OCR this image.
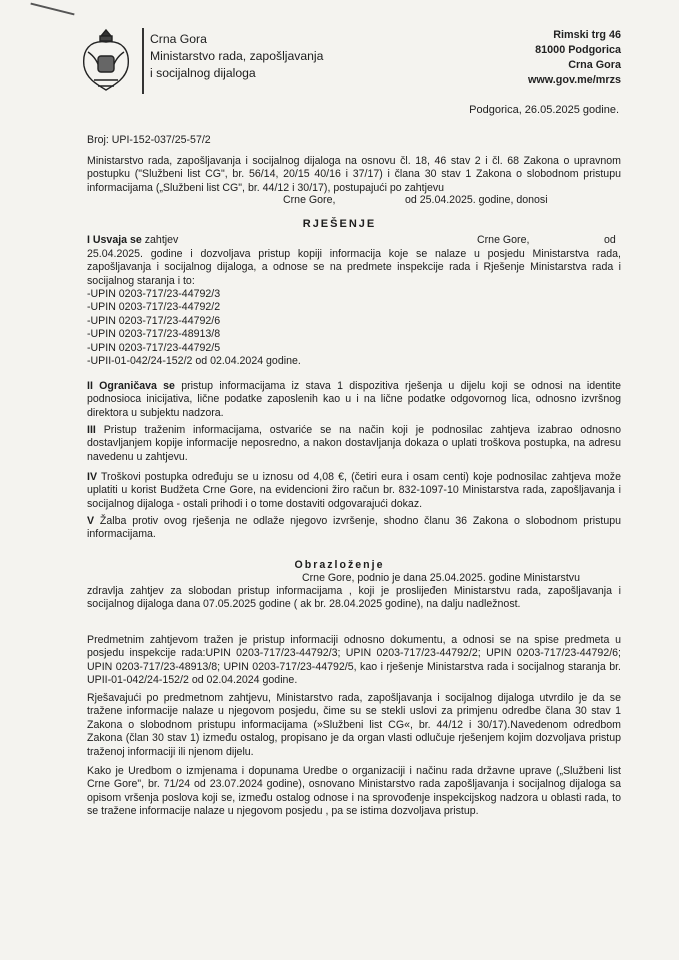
Crna Gora
Ministarstvo rada, zapošljavanja
i socijalnog dijaloga
Rimski trg 46
81000 Podgorica
Crna Gora
www.gov.me/mrzs
Podgorica, 26.05.2025 godine.
Broj: UPI-152-037/25-57/2
Ministarstvo rada, zapošljavanja i socijalnog dijaloga na osnovu čl. 18, 46 stav 2 i čl. 68 Zakona o upravnom postupku ("Službeni list CG", br. 56/14, 20/15 40/16 i 37/17) i člana 30 stav 1 Zakona o slobodnom pristupu informacijama („Službeni list CG", br. 44/12 i 30/17), postupajući po zahtjevu
Crne Gore,	od 25.04.2025. godine, donosi
RJEŠENJE
I Usvaja se zahtjev	Crne Gore,	od
25.04.2025. godine i dozvoljava pristup kopiji informacija koje se nalaze u posjedu Ministarstva rada, zapošljavanja i socijalnog dijaloga, a odnose se na predmete inspekcije rada i Rješenje Ministarstva rada i socijalnog staranja i to:
-UPIN 0203-717/23-44792/3
-UPIN 0203-717/23-44792/2
-UPIN 0203-717/23-44792/6
-UPIN 0203-717/23-48913/8
-UPIN 0203-717/23-44792/5
-UPII-01-042/24-152/2 od 02.04.2024 godine.
II Ograničava se pristup informacijama iz stava 1 dispozitiva rješenja u dijelu koji se odnosi na identite podnosioca inicijativa, lične podatke zaposlenih kao u i na lične podatke odgovornog lica, odnosno izvršnog direktora u subjektu nadzora.
III Pristup traženim informacijama, ostvariće se na način koji je podnosilac zahtjeva izabrao odnosno dostavljanjem kopije informacije neposredno, a nakon dostavljanja dokaza o uplati troškova postupka, na adresu navedenu u zahtjevu.
IV Troškovi postupka određuju se u iznosu od 4,08 €, (četiri eura i osam centi) koje podnosilac zahtjeva može uplatiti u korist Budžeta Crne Gore, na evidencioni žiro račun br. 832-1097-10 Ministarstva rada, zapošljavanja i socijalnog dijaloga - ostali prihodi i o tome dostaviti odgovarajući dokaz.
V Žalba protiv ovog rješenja ne odlaže njegovo izvršenje, shodno članu 36 Zakona o slobodnom pristupu informacijama.
Obrazloženje
Crne Gore, podnio je dana 25.04.2025. godine Ministarstvu
zdravlja zahtjev za slobodan pristup informacijama , koji je proslijeđen Ministarstvu rada, zapošljavanja i socijalnog dijaloga dana 07.05.2025 godine ( ak br. 28.04.2025 godine), na dalju nadležnost.
Predmetnim zahtjevom tražen je pristup informaciji odnosno dokumentu, a odnosi se na spise predmeta u posjedu inspekcije rada:UPIN 0203-717/23-44792/3; UPIN 0203-717/23-44792/2; UPIN 0203-717/23-44792/6; UPIN 0203-717/23-48913/8; UPIN 0203-717/23-44792/5, kao i rješenje Ministarstva rada i socijalnog staranja br. UPII-01-042/24-152/2 od 02.04.2024 godine.
Rješavajući po predmetnom zahtjevu, Ministarstvo rada, zapošljavanja i socijalnog dijaloga utvrdilo je da se tražene informacije nalaze u njegovom posjedu, čime su se stekli uslovi za primjenu odredbe člana 30 stav 1 Zakona o slobodnom pristupu informacijama (»Službeni list CG«, br. 44/12 i 30/17).Navedenom odredbom Zakona (član 30 stav 1) između ostalog, propisano je da organ vlasti odlučuje rješenjem kojim dozvoljava pristup traženoj informaciji ili njenom dijelu.
Kako je Uredbom o izmjenama i dopunama Uredbe o organizaciji i načinu rada državne uprave („Službeni list Crne Gore", br. 71/24 od 23.07.2024 godine), osnovano Ministarstvo rada zapošljavanja i socijalnog dijaloga sa opisom vršenja poslova koji se, između ostalog odnose i na sprovođenje inspekcijskog nadzora u oblasti rada, to se tražene informacije nalaze u njegovom posjedu , pa se istima dozvoljava pristup.
